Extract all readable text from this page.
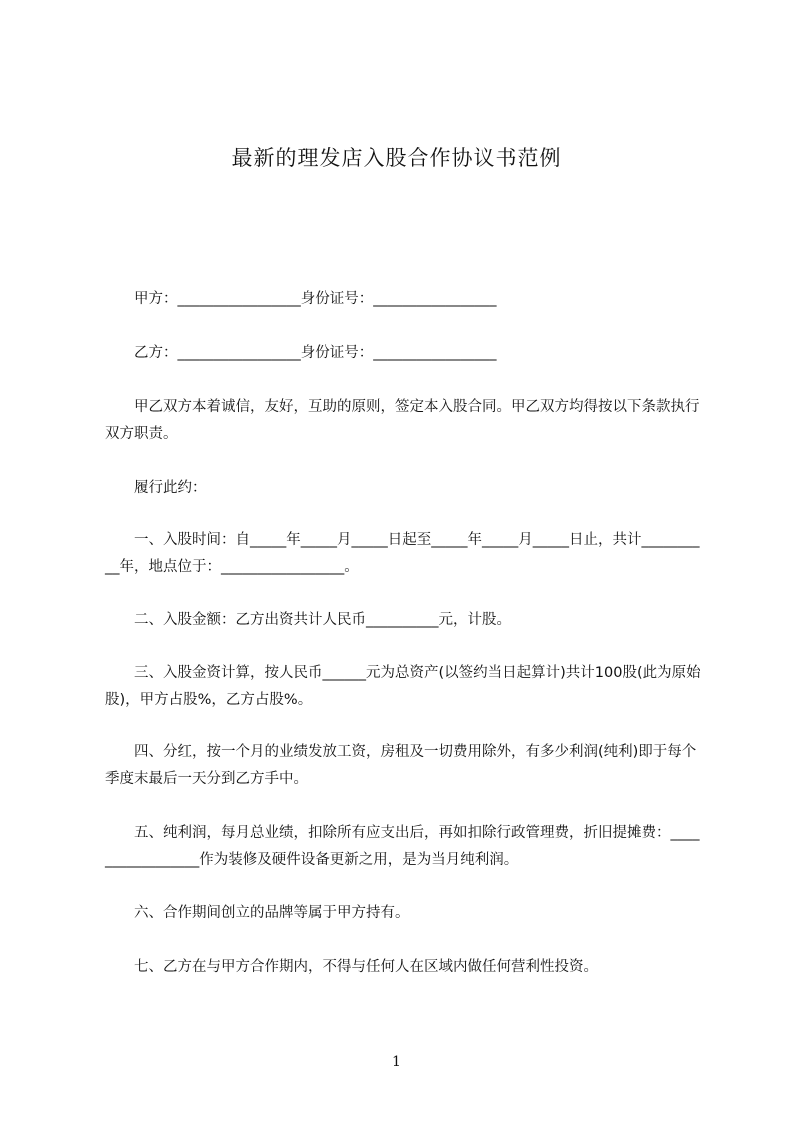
最新的理发店入股合作协议书范例
　　甲方：_________________身份证号：_________________
　　乙方：_________________身份证号：_________________
　　甲乙双方本着诚信，友好，互助的原则，签定本入股合同。甲乙双方均得按以下条款执行双方职责。
　　履行此约：
　　一、入股时间：自_____年_____月_____日起至_____年_____月_____日止，共计__________年，地点位于：_________________。
　　二、入股金额：乙方出资共计人民币__________元，计股。
　　三、入股金资计算，按人民币______元为总资产(以签约当日起算计)共计100股(此为原始股)，甲方占股%，乙方占股%。
　　四、分红，按一个月的业绩发放工资，房租及一切费用除外，有多少利润(纯利)即于每个季度末最后一天分到乙方手中。
　　五、纯利润，每月总业绩，扣除所有应支出后，再如扣除行政管理费，折旧提摊费：_________________作为装修及硬件设备更新之用，是为当月纯利润。
　　六、合作期间创立的品牌等属于甲方持有。
　　七、乙方在与甲方合作期内，不得与任何人在区域内做任何营利性投资。
1
